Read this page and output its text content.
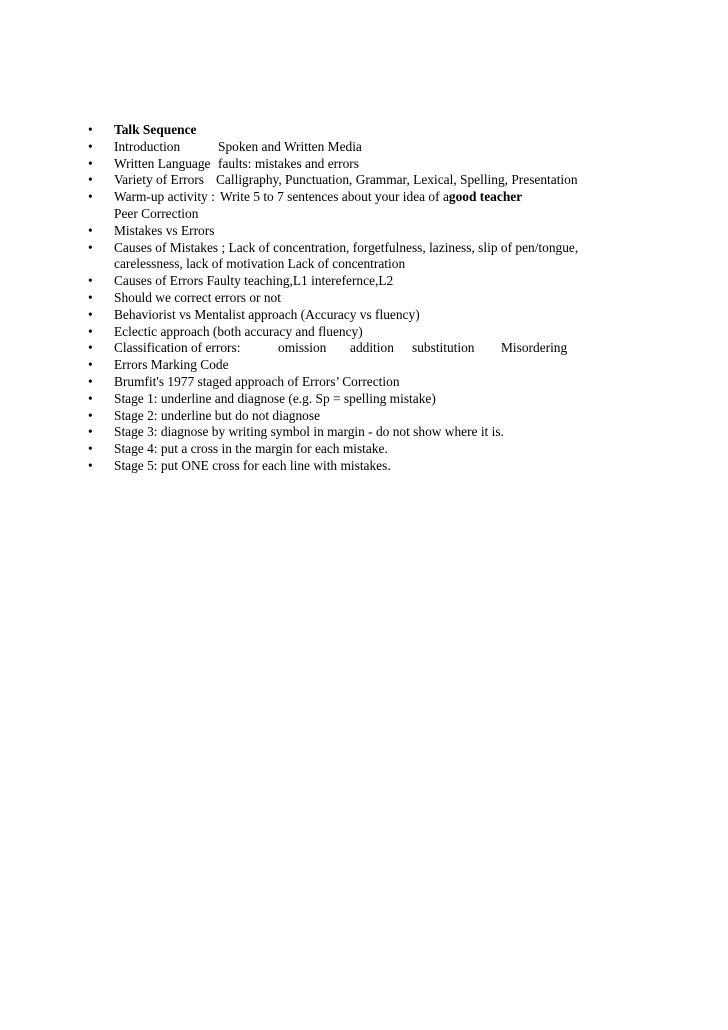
•	Talk Sequence
•	Introduction	Spoken and Written Media
•	Written Language faults: mistakes and errors
•	Variety of Errors Calligraphy, Punctuation, Grammar, Lexical, Spelling, Presentation
•	Warm-up activity : Write 5 to 7 sentences about your idea of agood teacher
Peer Correction
•	Mistakes vs Errors
•	Causes of Mistakes ; Lack of concentration, forgetfulness, laziness, slip of pen/tongue,
carelessness, lack of motivation Lack of concentration
•	Causes of Errors Faulty teaching,L1 interefernce,L2
•	Should we correct errors or not
•	Behaviorist vs Mentalist approach (Accuracy vs fluency)
•	Eclectic approach (both accuracy and fluency)
•	Classification of errors:	omission addition substitution Misordering
•	Errors Marking Code
•	Brumfit's 1977 staged approach of Errors’ Correction
•	Stage 1: underline and diagnose (e.g. Sp = spelling mistake)
•	Stage 2: underline but do not diagnose
•	Stage 3: diagnose by writing symbol in margin - do not show where it is.
•	Stage 4: put a cross in the margin for each mistake.
•	Stage 5: put ONE cross for each line with mistakes.
